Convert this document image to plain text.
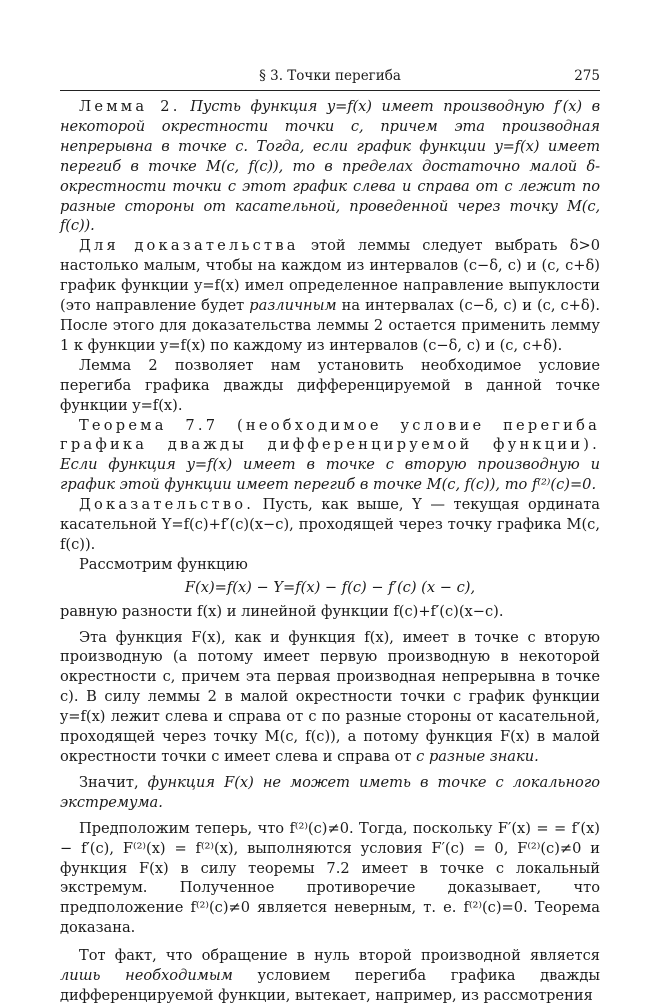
§ 3. Точки перегиба	275

Лемма 2. Пусть функция y=f(x) имеет производную f′(x) в некоторой окрестности точки c, причем эта производная непрерывна в точке c. Тогда, если график функции y=f(x) имеет перегиб в точке M(c, f(c)), то в пределах достаточно малой δ-окрестности точки c этот график слева и справа от c лежит по разные стороны от касательной, проведенной через точку M(c, f(c)).

Для доказательства этой леммы следует выбрать δ>0 настолько малым, чтобы на каждом из интервалов (c−δ, c) и (c, c+δ) график функции y=f(x) имел определенное направление выпуклости (это направление будет различным на интервалах (c−δ, c) и (c, c+δ). После этого для доказательства леммы 2 остается применить лемму 1 к функции y=f(x) по каждому из интервалов (c−δ, c) и (c, c+δ).

Лемма 2 позволяет нам установить необходимое условие перегиба графика дважды дифференцируемой в данной точке функции y=f(x).

Теорема 7.7 (необходимое условие перегиба графика дважды дифференцируемой функции). Если функция y=f(x) имеет в точке c вторую производную и график этой функции имеет перегиб в точке M(c, f(c)), то f⁽²⁾(c)=0.

Доказательство. Пусть, как выше, Y — текущая ордината касательной Y=f(c)+f′(c)(x−c), проходящей через точку графика M(c, f(c)).

Рассмотрим функцию

F(x)=f(x) − Y=f(x) − f(c) − f′(c) (x − c),

равную разности f(x) и линейной функции f(c)+f′(c)(x−c).

Эта функция F(x), как и функция f(x), имеет в точке c вторую производную (а потому имеет первую производную в некоторой окрестности c, причем эта первая производная непрерывна в точке c). В силу леммы 2 в малой окрестности точки c график функции y=f(x) лежит слева и справа от c по разные стороны от касательной, проходящей через точку M(c, f(c)), а потому функция F(x) в малой окрестности точки c имеет слева и справа от c разные знаки.

Значит, функция F(x) не может иметь в точке c локального экстремума.

Предположим теперь, что f⁽²⁾(c)≠0. Тогда, поскольку F′(x) = = f′(x) − f′(c), F⁽²⁾(x) = f⁽²⁾(x), выполняются условия F′(c) = 0, F⁽²⁾(c)≠0 и функция F(x) в силу теоремы 7.2 имеет в точке c локальный экстремум. Полученное противоречие доказывает, что предположение f⁽²⁾(c)≠0 является неверным, т. е. f⁽²⁾(c)=0. Теорема доказана.

Тот факт, что обращение в нуль второй производной является лишь необходимым условием перегиба графика дважды дифференцируемой функции, вытекает, например, из рассмотрения
